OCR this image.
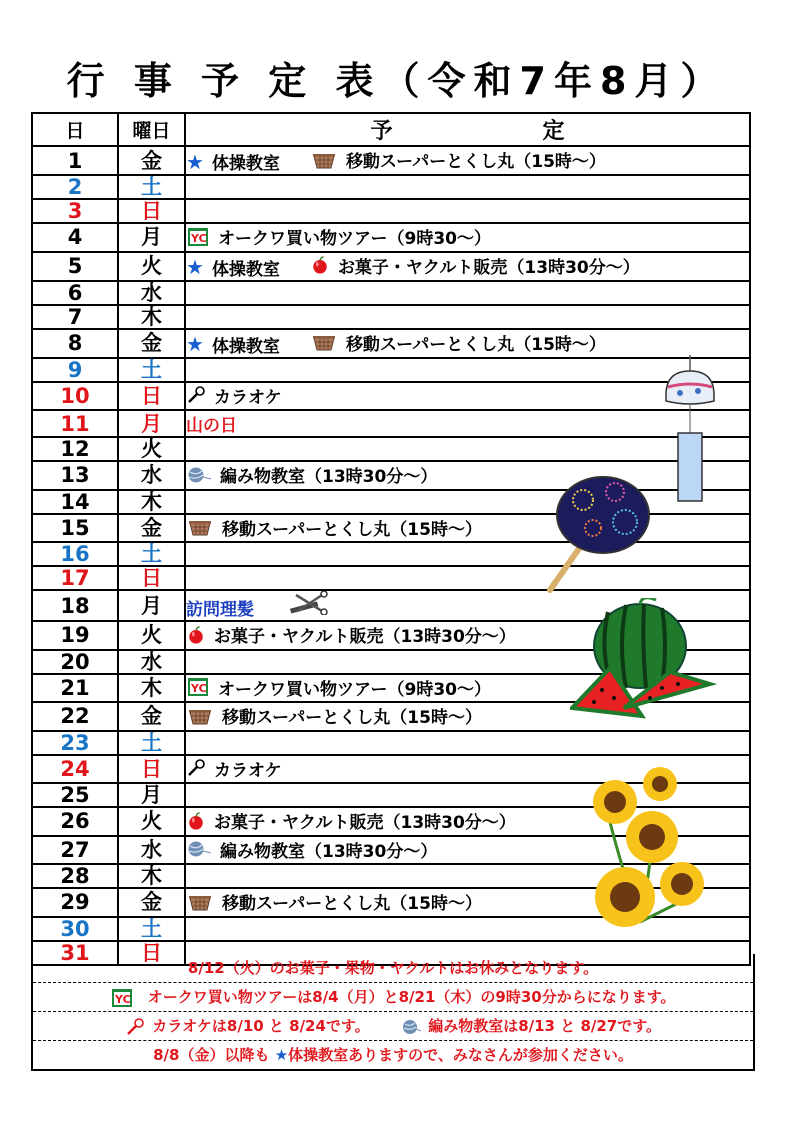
行 事 予 定 表（令和7年8月）
日	曜日	予定
1	金	★ 体操教室 移動スーパーとくし丸（15時～）

2	土	
3	日	
4	月	YC オークワ買い物ツアー（9時30～）

5	火	★ 体操教室 お菓子・ヤクルト販売（13時30分～）

6	水	
7	木	
8	金	★ 体操教室 移動スーパーとくし丸（15時～）

9	土	
10	日	カラオケ

11	月	山の日

12	火	
13	水	編み物教室（13時30分～）

14	木	
15	金	移動スーパーとくし丸（15時～）

16	土	
17	日	
18	月	訪問理髪

19	火	お菓子・ヤクルト販売（13時30分～）

20	水	
21	木	YC オークワ買い物ツアー（9時30～）

22	金	移動スーパーとくし丸（15時～）

23	土	
24	日	カラオケ

25	月	
26	火	お菓子・ヤクルト販売（13時30分～）

27	水	編み物教室（13時30分～）

28	木	
29	金	移動スーパーとくし丸（15時～）

30	土	
31	日	
8/12（火）のお菓子・果物・ヤクルトはお休みとなります。
YC オークワ買い物ツアーは8/4（月）と8/21（木）の9時30分からになります。
カラオケは8/10 と 8/24です。	編み物教室は8/13 と 8/27です。
8/8（金）以降も ★体操教室ありますので、みなさんが参加ください。
